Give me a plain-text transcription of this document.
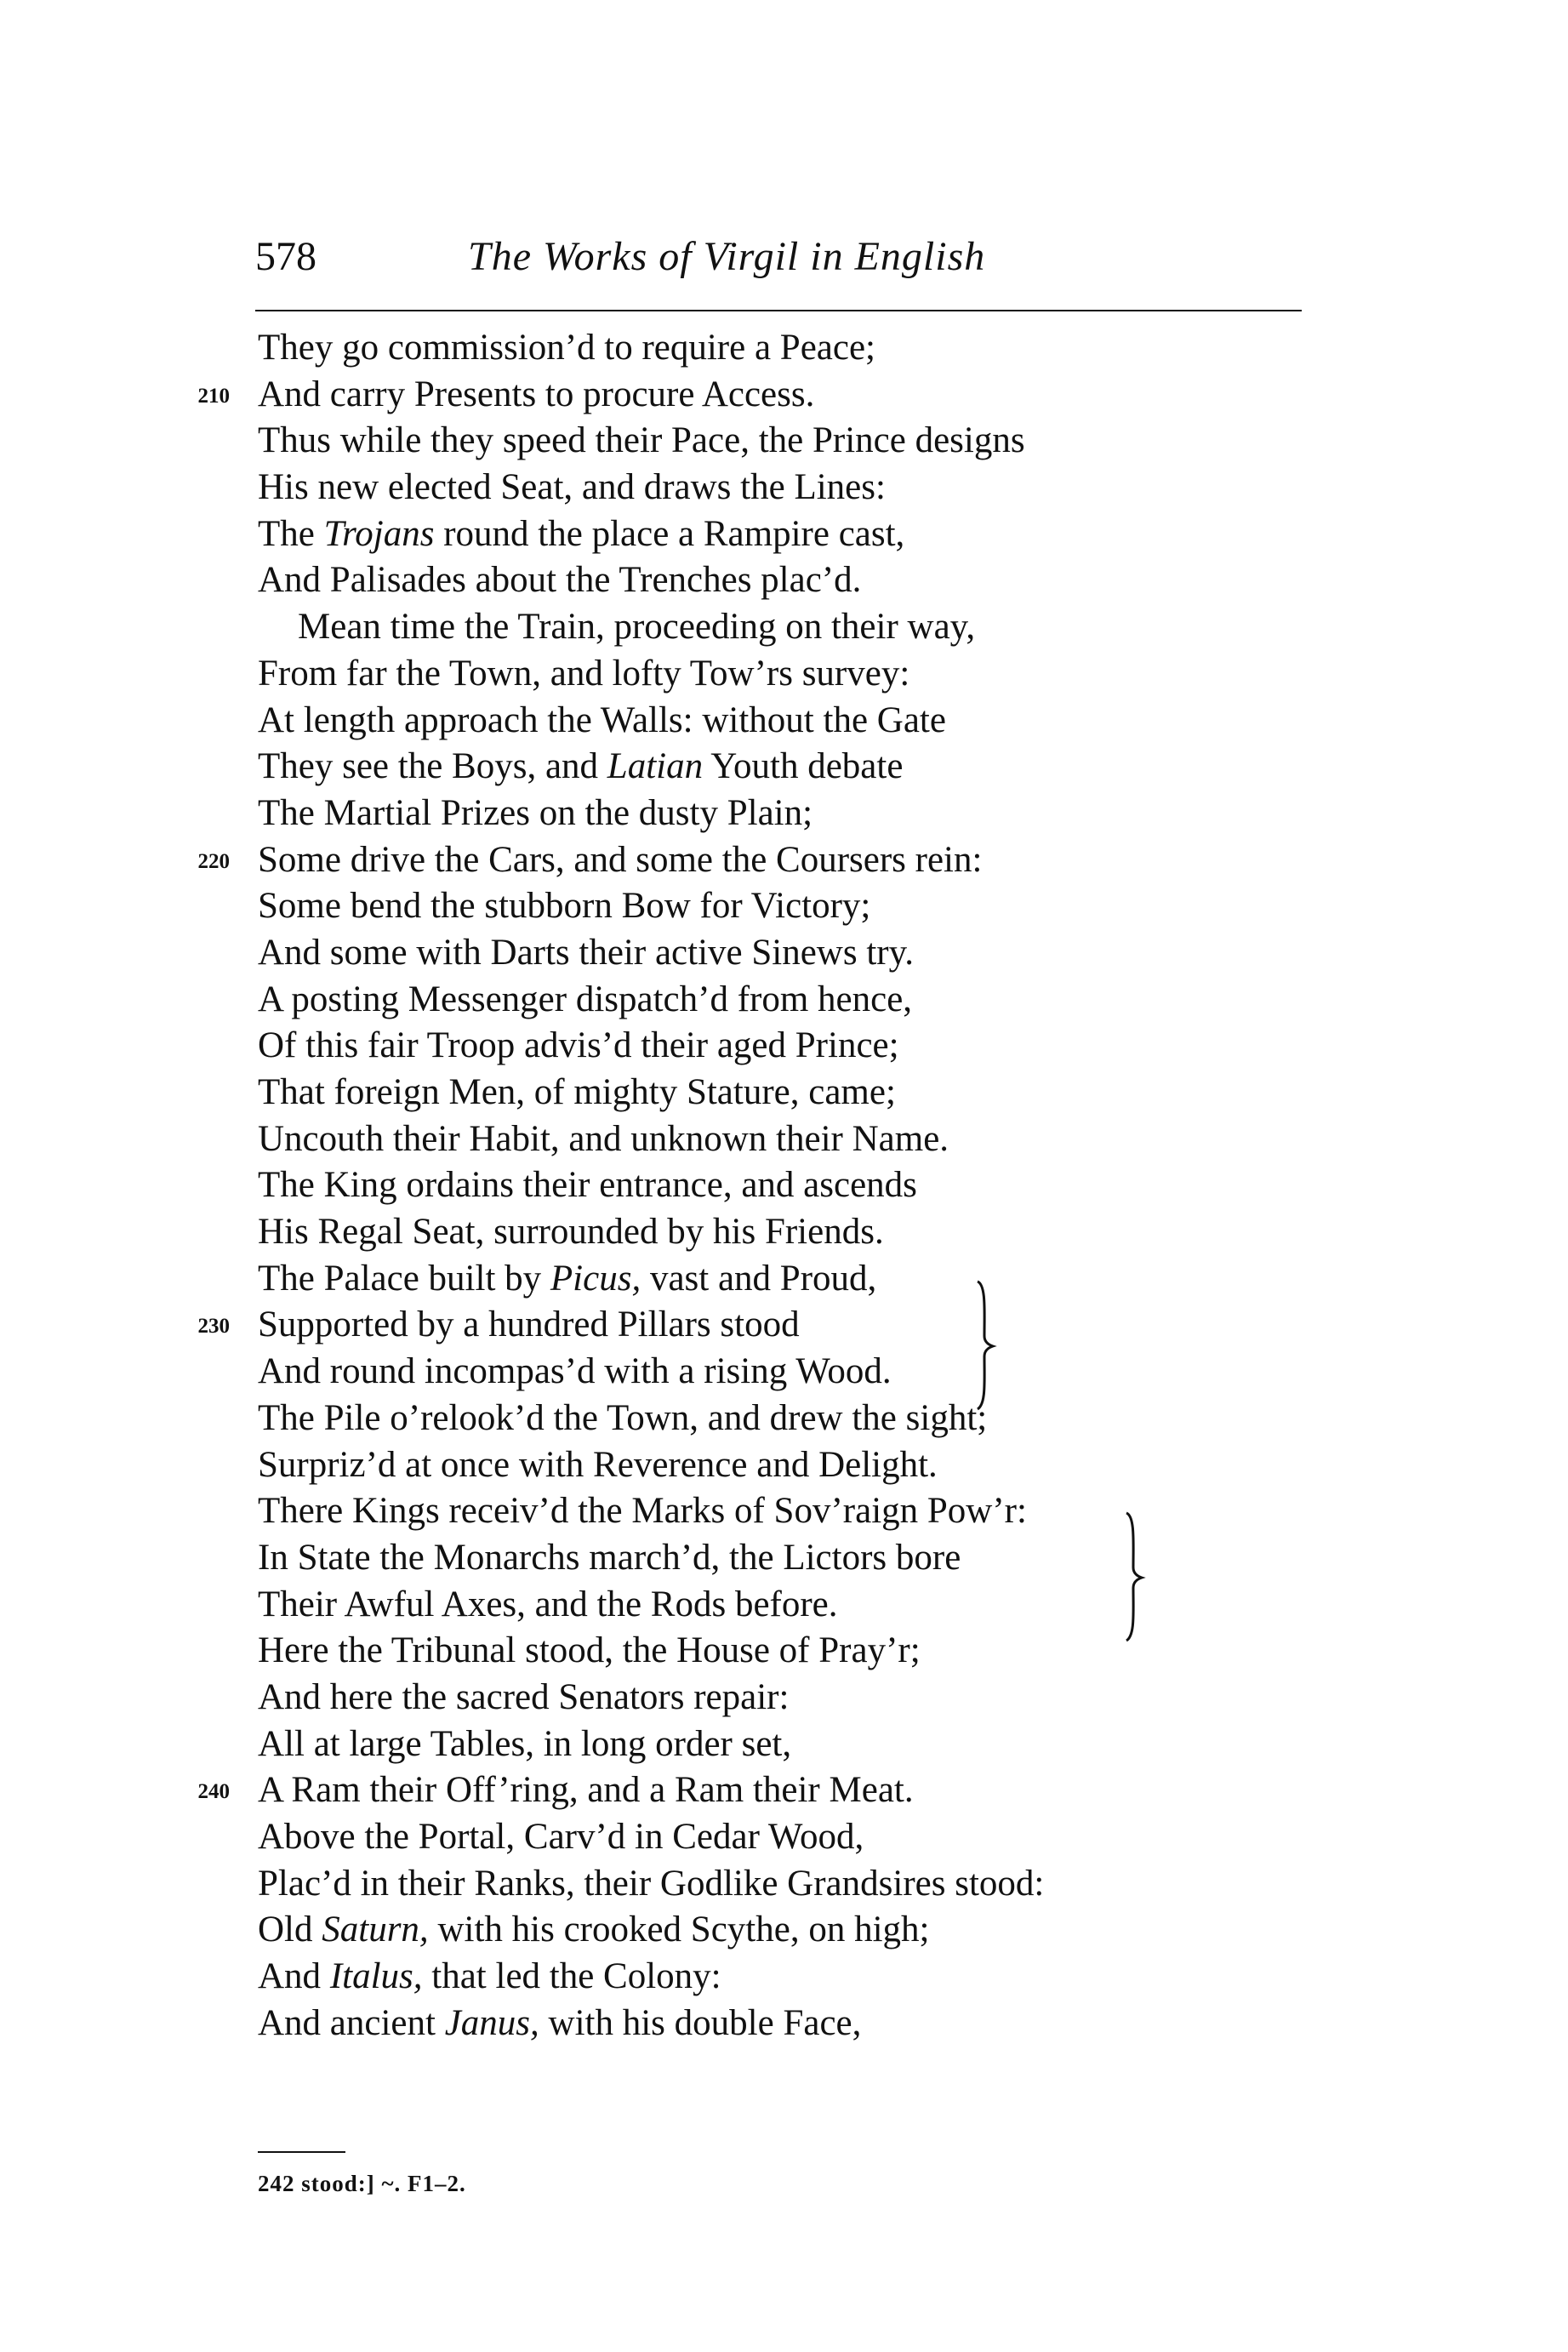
578	The Works of Virgil in English
They go commission’d to require a Peace;
210 And carry Presents to procure Access.
Thus while they speed their Pace, the Prince designs
His new elected Seat, and draws the Lines:
The Trojans round the place a Rampire cast,
And Palisades about the Trenches plac’d.
Mean time the Train, proceeding on their way,
From far the Town, and lofty Tow’rs survey:
At length approach the Walls: without the Gate
They see the Boys, and Latian Youth debate
The Martial Prizes on the dusty Plain;
220 Some drive the Cars, and some the Coursers rein:
Some bend the stubborn Bow for Victory;
And some with Darts their active Sinews try.
A posting Messenger dispatch’d from hence,
Of this fair Troop advis’d their aged Prince;
That foreign Men, of mighty Stature, came;
Uncouth their Habit, and unknown their Name.
The King ordains their entrance, and ascends
His Regal Seat, surrounded by his Friends.
The Palace built by Picus, vast and Proud,
230 Supported by a hundred Pillars stood
And round incompas’d with a rising Wood.
The Pile o’relook’d the Town, and drew the sight;
Surpriz’d at once with Reverence and Delight.
There Kings receiv’d the Marks of Sov’raign Pow’r:
In State the Monarchs march’d, the Lictors bore
Their Awful Axes, and the Rods before.
Here the Tribunal stood, the House of Pray’r;
And here the sacred Senators repair:
All at large Tables, in long order set,
240 A Ram their Off’ring, and a Ram their Meat.
Above the Portal, Carv’d in Cedar Wood,
Plac’d in their Ranks, their Godlike Grandsires stood:
Old Saturn, with his crooked Scythe, on high;
And Italus, that led the Colony:
And ancient Janus, with his double Face,
242 stood:] ~. F1–2.
